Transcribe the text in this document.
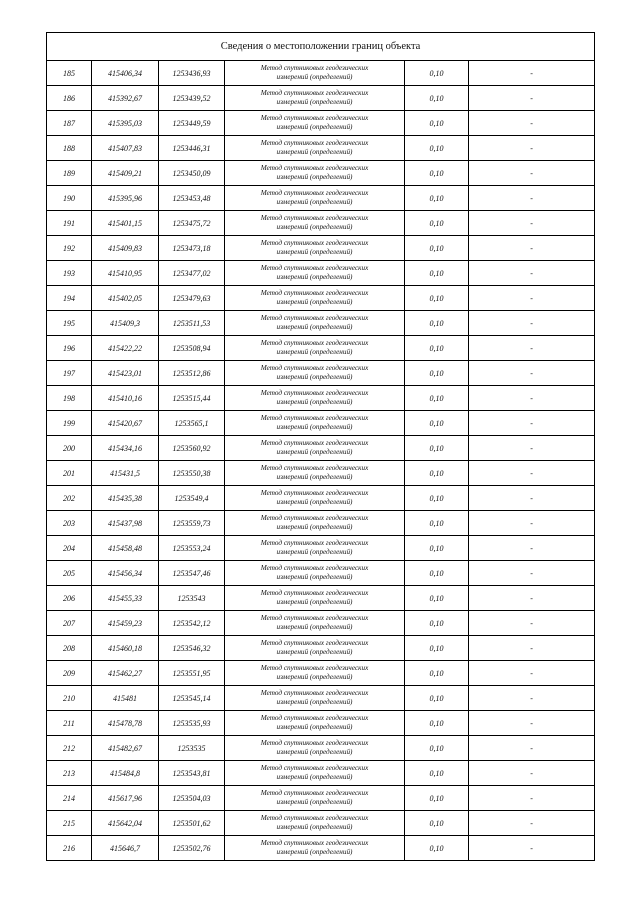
Сведения о местоположении границ объекта					
185	415406,34	1253436,93	Метод спутниковых геодезических
измерений (определений)	0,10	-
186	415392,67	1253439,52	Метод спутниковых геодезических
измерений (определений)	0,10	-
187	415395,03	1253449,59	Метод спутниковых геодезических
измерений (определений)	0,10	-
188	415407,83	1253446,31	Метод спутниковых геодезических
измерений (определений)	0,10	-
189	415409,21	1253450,09	Метод спутниковых геодезических
измерений (определений)	0,10	-
190	415395,96	1253453,48	Метод спутниковых геодезических
измерений (определений)	0,10	-
191	415401,15	1253475,72	Метод спутниковых геодезических
измерений (определений)	0,10	-
192	415409,83	1253473,18	Метод спутниковых геодезических
измерений (определений)	0,10	-
193	415410,95	1253477,02	Метод спутниковых геодезических
измерений (определений)	0,10	-
194	415402,05	1253479,63	Метод спутниковых геодезических
измерений (определений)	0,10	-
195	415409,3	1253511,53	Метод спутниковых геодезических
измерений (определений)	0,10	-
196	415422,22	1253508,94	Метод спутниковых геодезических
измерений (определений)	0,10	-
197	415423,01	1253512,86	Метод спутниковых геодезических
измерений (определений)	0,10	-
198	415410,16	1253515,44	Метод спутниковых геодезических
измерений (определений)	0,10	-
199	415420,67	1253565,1	Метод спутниковых геодезических
измерений (определений)	0,10	-
200	415434,16	1253560,92	Метод спутниковых геодезических
измерений (определений)	0,10	-
201	415431,5	1253550,38	Метод спутниковых геодезических
измерений (определений)	0,10	-
202	415435,38	1253549,4	Метод спутниковых геодезических
измерений (определений)	0,10	-
203	415437,98	1253559,73	Метод спутниковых геодезических
измерений (определений)	0,10	-
204	415458,48	1253553,24	Метод спутниковых геодезических
измерений (определений)	0,10	-
205	415456,34	1253547,46	Метод спутниковых геодезических
измерений (определений)	0,10	-
206	415455,33	1253543	Метод спутниковых геодезических
измерений (определений)	0,10	-
207	415459,23	1253542,12	Метод спутниковых геодезических
измерений (определений)	0,10	-
208	415460,18	1253546,32	Метод спутниковых геодезических
измерений (определений)	0,10	-
209	415462,27	1253551,95	Метод спутниковых геодезических
измерений (определений)	0,10	-
210	415481	1253545,14	Метод спутниковых геодезических
измерений (определений)	0,10	-
211	415478,78	1253535,93	Метод спутниковых геодезических
измерений (определений)	0,10	-
212	415482,67	1253535	Метод спутниковых геодезических
измерений (определений)	0,10	-
213	415484,8	1253543,81	Метод спутниковых геодезических
измерений (определений)	0,10	-
214	415617,96	1253504,03	Метод спутниковых геодезических
измерений (определений)	0,10	-
215	415642,04	1253501,62	Метод спутниковых геодезических
измерений (определений)	0,10	-
216	415646,7	1253502,76	Метод спутниковых геодезических
измерений (определений)	0,10	-
